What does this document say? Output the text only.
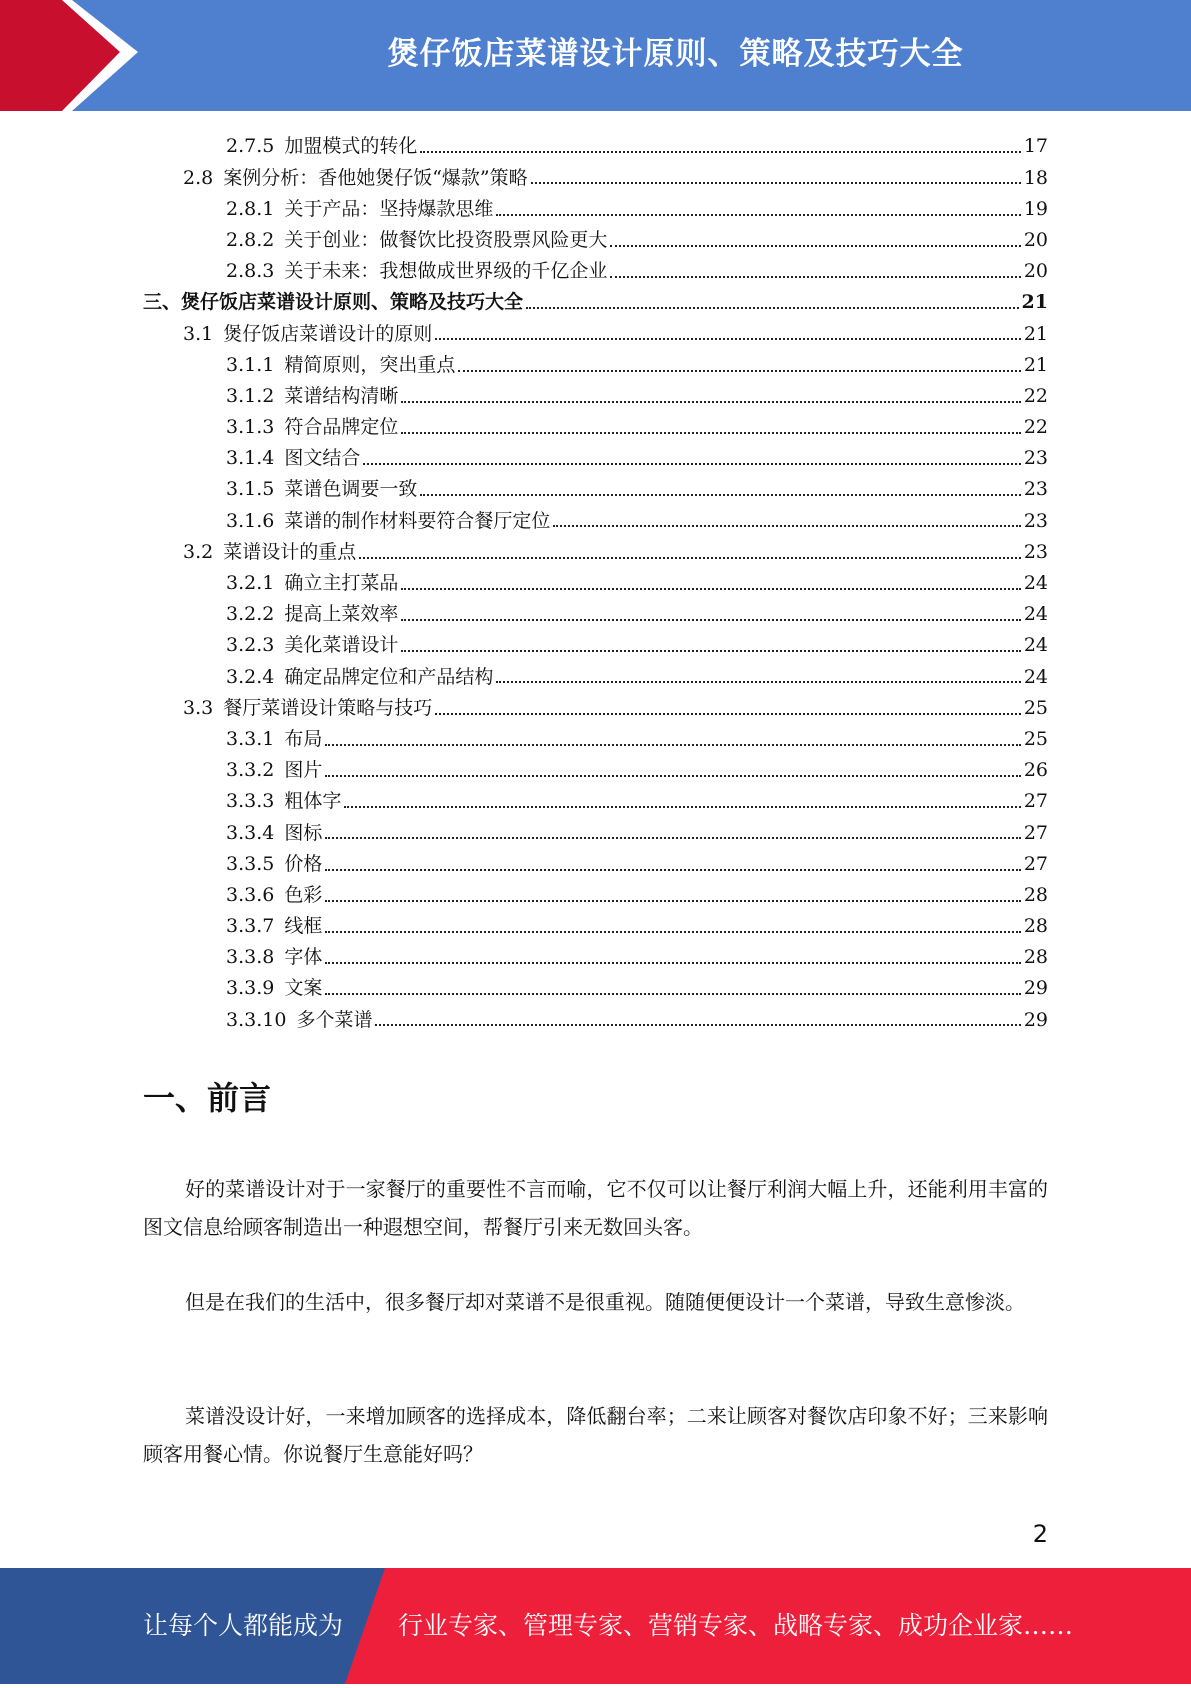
煲仔饭店菜谱设计原则、策略及技巧大全
2.7.5 加盟模式的转化	17
2.8 案例分析：香他她煲仔饭“爆款”策略	18
2.8.1 关于产品：坚持爆款思维	19
2.8.2 关于创业：做餐饮比投资股票风险更大	20
2.8.3 关于未来：我想做成世界级的千亿企业	20
三、煲仔饭店菜谱设计原则、策略及技巧大全	21
3.1 煲仔饭店菜谱设计的原则	21
3.1.1 精简原则，突出重点	21
3.1.2 菜谱结构清晰	22
3.1.3 符合品牌定位	22
3.1.4 图文结合	23
3.1.5 菜谱色调要一致	23
3.1.6 菜谱的制作材料要符合餐厅定位	23
3.2 菜谱设计的重点	23
3.2.1 确立主打菜品	24
3.2.2 提高上菜效率	24
3.2.3 美化菜谱设计	24
3.2.4 确定品牌定位和产品结构	24
3.3 餐厅菜谱设计策略与技巧	25
3.3.1 布局	25
3.3.2 图片	26
3.3.3 粗体字	27
3.3.4 图标	27
3.3.5 价格	27
3.3.6 色彩	28
3.3.7 线框	28
3.3.8 字体	28
3.3.9 文案	29
3.3.10 多个菜谱	29
一、前言

好的菜谱设计对于一家餐厅的重要性不言而喻，它不仅可以让餐厅利润大幅上升，还能利用丰富的图文信息给顾客制造出一种遐想空间，帮餐厅引来无数回头客。

但是在我们的生活中，很多餐厅却对菜谱不是很重视。随随便便设计一个菜谱，导致生意惨淡。

菜谱没设计好，一来增加顾客的选择成本，降低翻台率；二来让顾客对餐饮店印象不好；三来影响顾客用餐心情。你说餐厅生意能好吗？

2
让每个人都能成为 行业专家、管理专家、营销专家、战略专家、成功企业家……
